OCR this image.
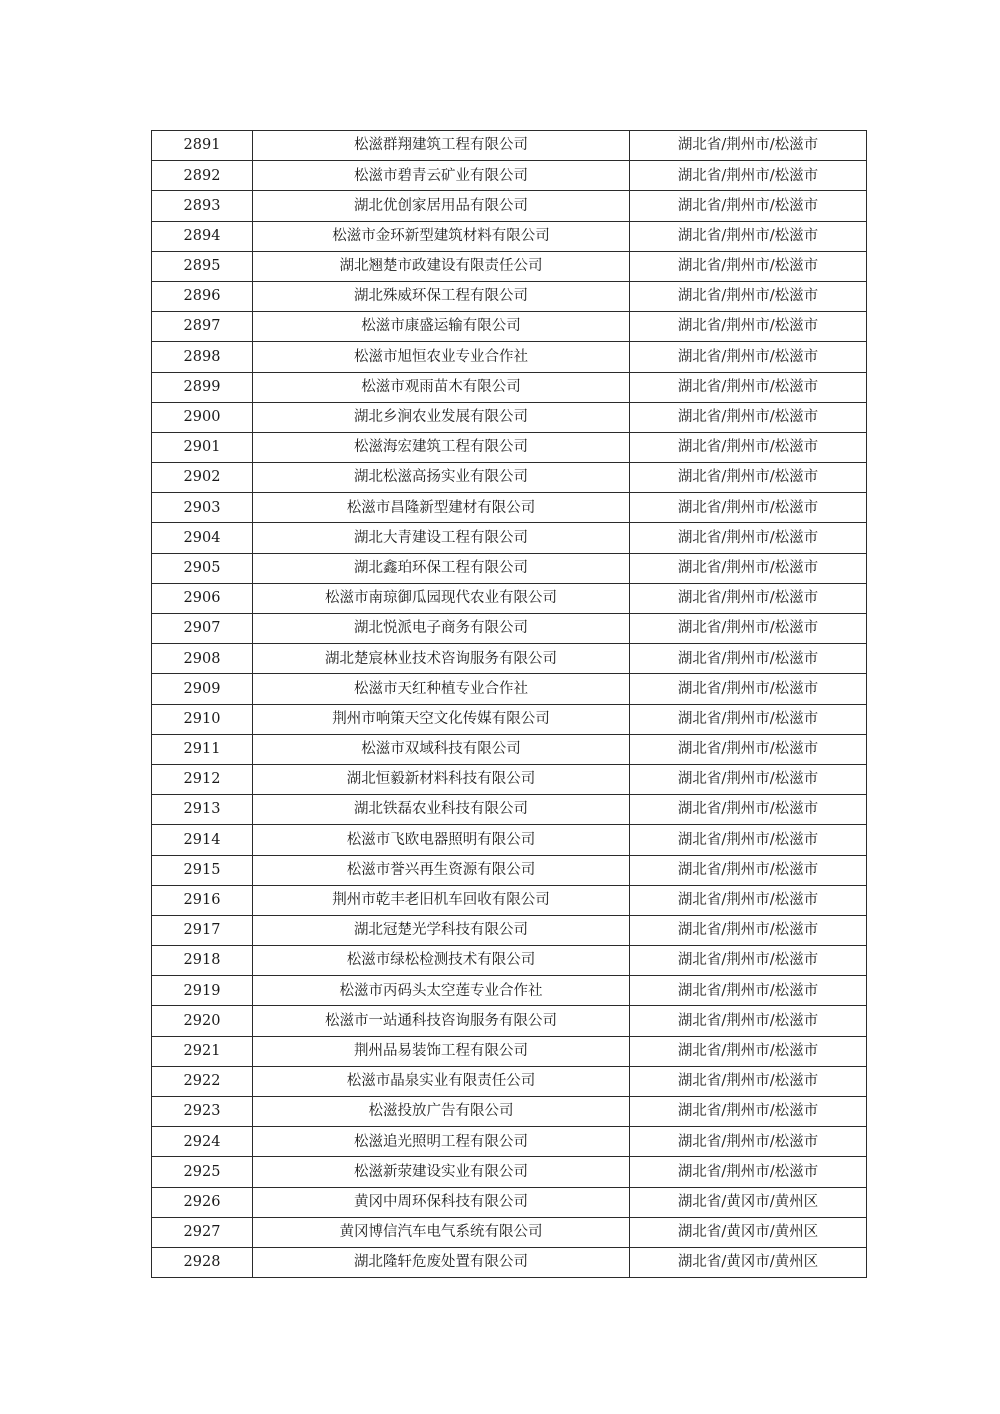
2891	松滋群翔建筑工程有限公司	湖北省/荆州市/松滋市
2892	松滋市碧青云矿业有限公司	湖北省/荆州市/松滋市
2893	湖北优创家居用品有限公司	湖北省/荆州市/松滋市
2894	松滋市金环新型建筑材料有限公司	湖北省/荆州市/松滋市
2895	湖北翘楚市政建设有限责任公司	湖北省/荆州市/松滋市
2896	湖北殊威环保工程有限公司	湖北省/荆州市/松滋市
2897	松滋市康盛运输有限公司	湖北省/荆州市/松滋市
2898	松滋市旭恒农业专业合作社	湖北省/荆州市/松滋市
2899	松滋市观雨苗木有限公司	湖北省/荆州市/松滋市
2900	湖北乡涧农业发展有限公司	湖北省/荆州市/松滋市
2901	松滋海宏建筑工程有限公司	湖北省/荆州市/松滋市
2902	湖北松滋高扬实业有限公司	湖北省/荆州市/松滋市
2903	松滋市昌隆新型建材有限公司	湖北省/荆州市/松滋市
2904	湖北大青建设工程有限公司	湖北省/荆州市/松滋市
2905	湖北鑫珀环保工程有限公司	湖北省/荆州市/松滋市
2906	松滋市南琼御瓜园现代农业有限公司	湖北省/荆州市/松滋市
2907	湖北悦派电子商务有限公司	湖北省/荆州市/松滋市
2908	湖北楚宸林业技术咨询服务有限公司	湖北省/荆州市/松滋市
2909	松滋市天红种植专业合作社	湖北省/荆州市/松滋市
2910	荆州市响策天空文化传媒有限公司	湖北省/荆州市/松滋市
2911	松滋市双域科技有限公司	湖北省/荆州市/松滋市
2912	湖北恒毅新材料科技有限公司	湖北省/荆州市/松滋市
2913	湖北铁磊农业科技有限公司	湖北省/荆州市/松滋市
2914	松滋市飞欧电器照明有限公司	湖北省/荆州市/松滋市
2915	松滋市誉兴再生资源有限公司	湖北省/荆州市/松滋市
2916	荆州市乾丰老旧机车回收有限公司	湖北省/荆州市/松滋市
2917	湖北冠楚光学科技有限公司	湖北省/荆州市/松滋市
2918	松滋市绿松检测技术有限公司	湖北省/荆州市/松滋市
2919	松滋市丙码头太空莲专业合作社	湖北省/荆州市/松滋市
2920	松滋市一站通科技咨询服务有限公司	湖北省/荆州市/松滋市
2921	荆州品易装饰工程有限公司	湖北省/荆州市/松滋市
2922	松滋市晶泉实业有限责任公司	湖北省/荆州市/松滋市
2923	松滋投放广告有限公司	湖北省/荆州市/松滋市
2924	松滋追光照明工程有限公司	湖北省/荆州市/松滋市
2925	松滋新荥建设实业有限公司	湖北省/荆州市/松滋市
2926	黄冈中周环保科技有限公司	湖北省/黄冈市/黄州区
2927	黄冈博信汽车电气系统有限公司	湖北省/黄冈市/黄州区
2928	湖北隆轩危废处置有限公司	湖北省/黄冈市/黄州区
